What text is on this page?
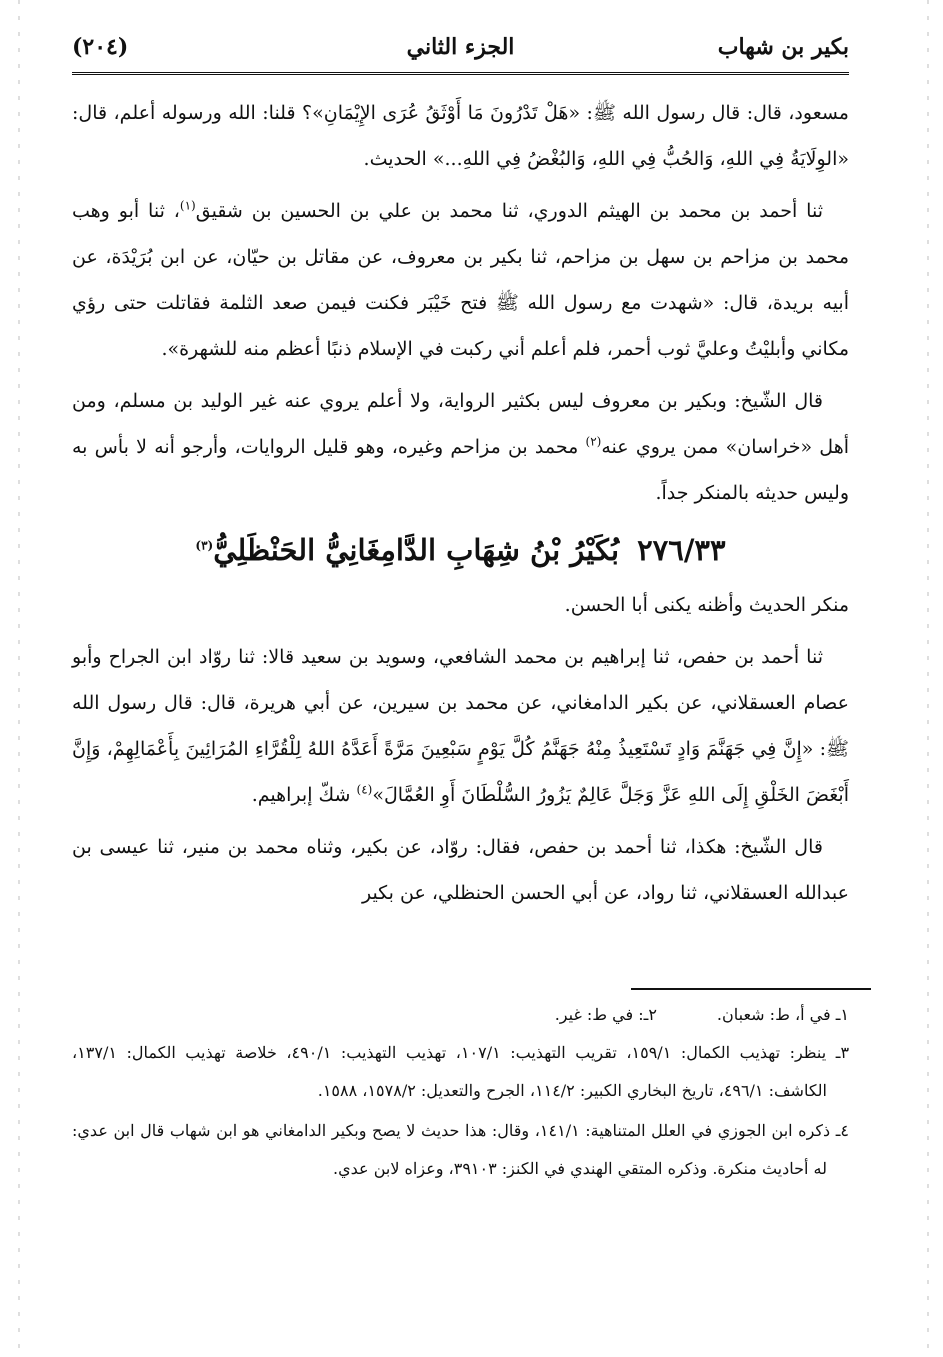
(٢٠٤)	الجزء الثاني	بكير بن شهاب

مسعود، قال: قال رسول الله ﷺ: «هَلْ تَدْرُونَ مَا أَوْثَقُ عُرَى الإِيْمَانِ»؟ قلنا: الله ورسوله أعلم، قال: «الوِلَايَةُ فِي اللهِ، وَالحُبُّ فِي اللهِ، وَالبُغْضُ فِي اللهِ...» الحديث.

ثنا أحمد بن محمد بن الهيثم الدوري، ثنا محمد بن علي بن الحسين بن شقيق$^{(١)}$، ثنا أبو وهب محمد بن مزاحم بن سهل بن مزاحم، ثنا بكير بن معروف، عن مقاتل بن حيّان، عن ابن بُرَيْدَة، عن أبيه بريدة، قال: «شهدت مع رسول الله ﷺ فتح خَيْبَر فكنت فيمن صعد الثلمة فقاتلت حتى رؤي مكاني وأبليْتُ وعليَّ ثوب أحمر، فلم أعلم أني ركبت في الإسلام ذنبًا أعظم منه للشهرة».

قال الشّيخ: وبكير بن معروف ليس بكثير الرواية، ولا أعلم يروي عنه غير الوليد بن مسلم، ومن أهل «خراسان» ممن يروي عنه$^{(٢)}$ محمد بن مزاحم وغيره، وهو قليل الروايات، وأرجو أنه لا بأس به وليس حديثه بالمنكر جداً.

٢٧٦/٣٣بُكَيْرُ بْنُ شِهَابِ الدَّامِغَانِيُّ الحَنْظَلِيُّ$^{(٣)}$

منكر الحديث وأظنه يكنى أبا الحسن.

ثنا أحمد بن حفص، ثنا إبراهيم بن محمد الشافعي، وسويد بن سعيد قالا: ثنا روّاد ابن الجراح وأبو عصام العسقلاني، عن بكير الدامغاني، عن محمد بن سيرين، عن أبي هريرة، قال: قال رسول الله ﷺ: «إِنَّ فِي جَهَنَّمَ وَادٍ تَسْتَعِيذُ مِنْهُ جَهَنَّمُ كُلَّ يَوْمٍ سَبْعِينَ مَرَّةً أَعَدَّهُ اللهُ لِلْقُرَّاءِ المُرَائِينَ بِأَعْمَالِهِمْ، وَإِنَّ أَبْغَضَ الخَلْقِ إِلَى اللهِ عَزَّ وَجَلَّ عَالِمٌ يَزُورُ السُّلْطَانَ أَوِ العُمَّالَ»$^{(٤)}$ شكّ إبراهيم.

قال الشّيخ: هكذا، ثنا أحمد بن حفص، فقال: روّاد، عن بكير، وثناه محمد بن منير، ثنا عيسى بن عبدالله العسقلاني، ثنا رواد، عن أبي الحسن الحنظلي، عن بكير

١ـ في أ، ط: شعبان.
٢ـ: في ط: غير.

٣ـ ينظر: تهذيب الكمال: ١٥٩/١، تقريب التهذيب: ١٠٧/١، تهذيب التهذيب: ٤٩٠/١، خلاصة تهذيب الكمال: ١٣٧/١، الكاشف: ٤٩٦/١، تاريخ البخاري الكبير: ١١٤/٢، الجرح والتعديل: ١٥٧٨/٢، ١٥٨٨.

٤ـ ذكره ابن الجوزي في العلل المتناهية: ١٤١/١، وقال: هذا حديث لا يصح وبكير الدامغاني هو ابن شهاب قال ابن عدي: له أحاديث منكرة. وذكره المتقي الهندي في الكنز: ٣٩١٠٣، وعزاه لابن عدي.
